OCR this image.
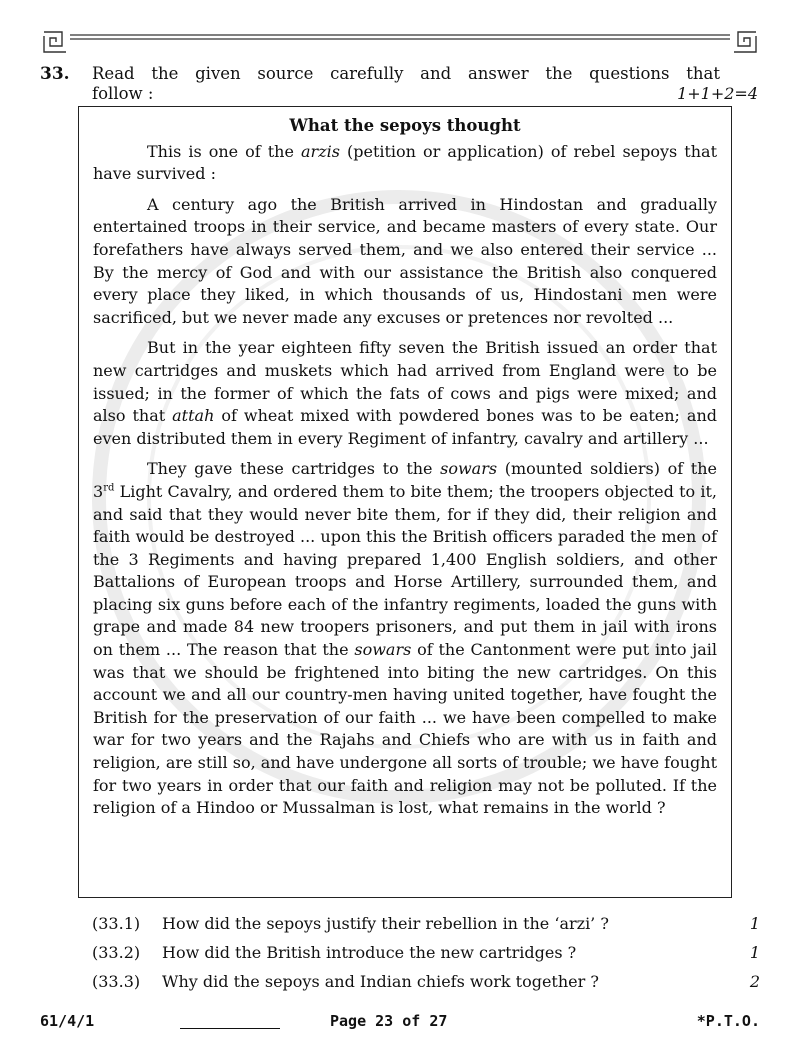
33. Read the given source carefully and answer the questions that
follow :	1+1+2=4
What the sepoys thought

This is one of the arzis (petition or application) of rebel sepoys that have survived :

A century ago the British arrived in Hindostan and gradually entertained troops in their service, and became masters of every state. Our forefathers have always served them, and we also entered their service ... By the mercy of God and with our assistance the British also conquered every place they liked, in which thousands of us, Hindostani men were sacrificed, but we never made any excuses or pretences nor revolted ...

But in the year eighteen fifty seven the British issued an order that new cartridges and muskets which had arrived from England were to be issued; in the former of which the fats of cows and pigs were mixed; and also that attah of wheat mixed with powdered bones was to be eaten; and even distributed them in every Regiment of infantry, cavalry and artillery ...

They gave these cartridges to the sowars (mounted soldiers) of the 3rd Light Cavalry, and ordered them to bite them; the troopers objected to it, and said that they would never bite them, for if they did, their religion and faith would be destroyed ... upon this the British officers paraded the men of the 3 Regiments and having prepared 1,400 English soldiers, and other Battalions of European troops and Horse Artillery, surrounded them, and placing six guns before each of the infantry regiments, loaded the guns with grape and made 84 new troopers prisoners, and put them in jail with irons on them ... The reason that the sowars of the Cantonment were put into jail was that we should be frightened into biting the new cartridges. On this account we and all our country-men having united together, have fought the British for the preservation of our faith ... we have been compelled to make war for two years and the Rajahs and Chiefs who are with us in faith and religion, are still so, and have undergone all sorts of trouble; we have fought for two years in order that our faith and religion may not be polluted. If the religion of a Hindoo or Mussalman is lost, what remains in the world ?

(33.1) How did the sepoys justify their rebellion in the ‘arzi’ ?	1
(33.2) How did the British introduce the new cartridges ?	1
(33.3) Why did the sepoys and Indian chiefs work together ?	2
61/4/1	Page 23 of 27	*P.T.O.
